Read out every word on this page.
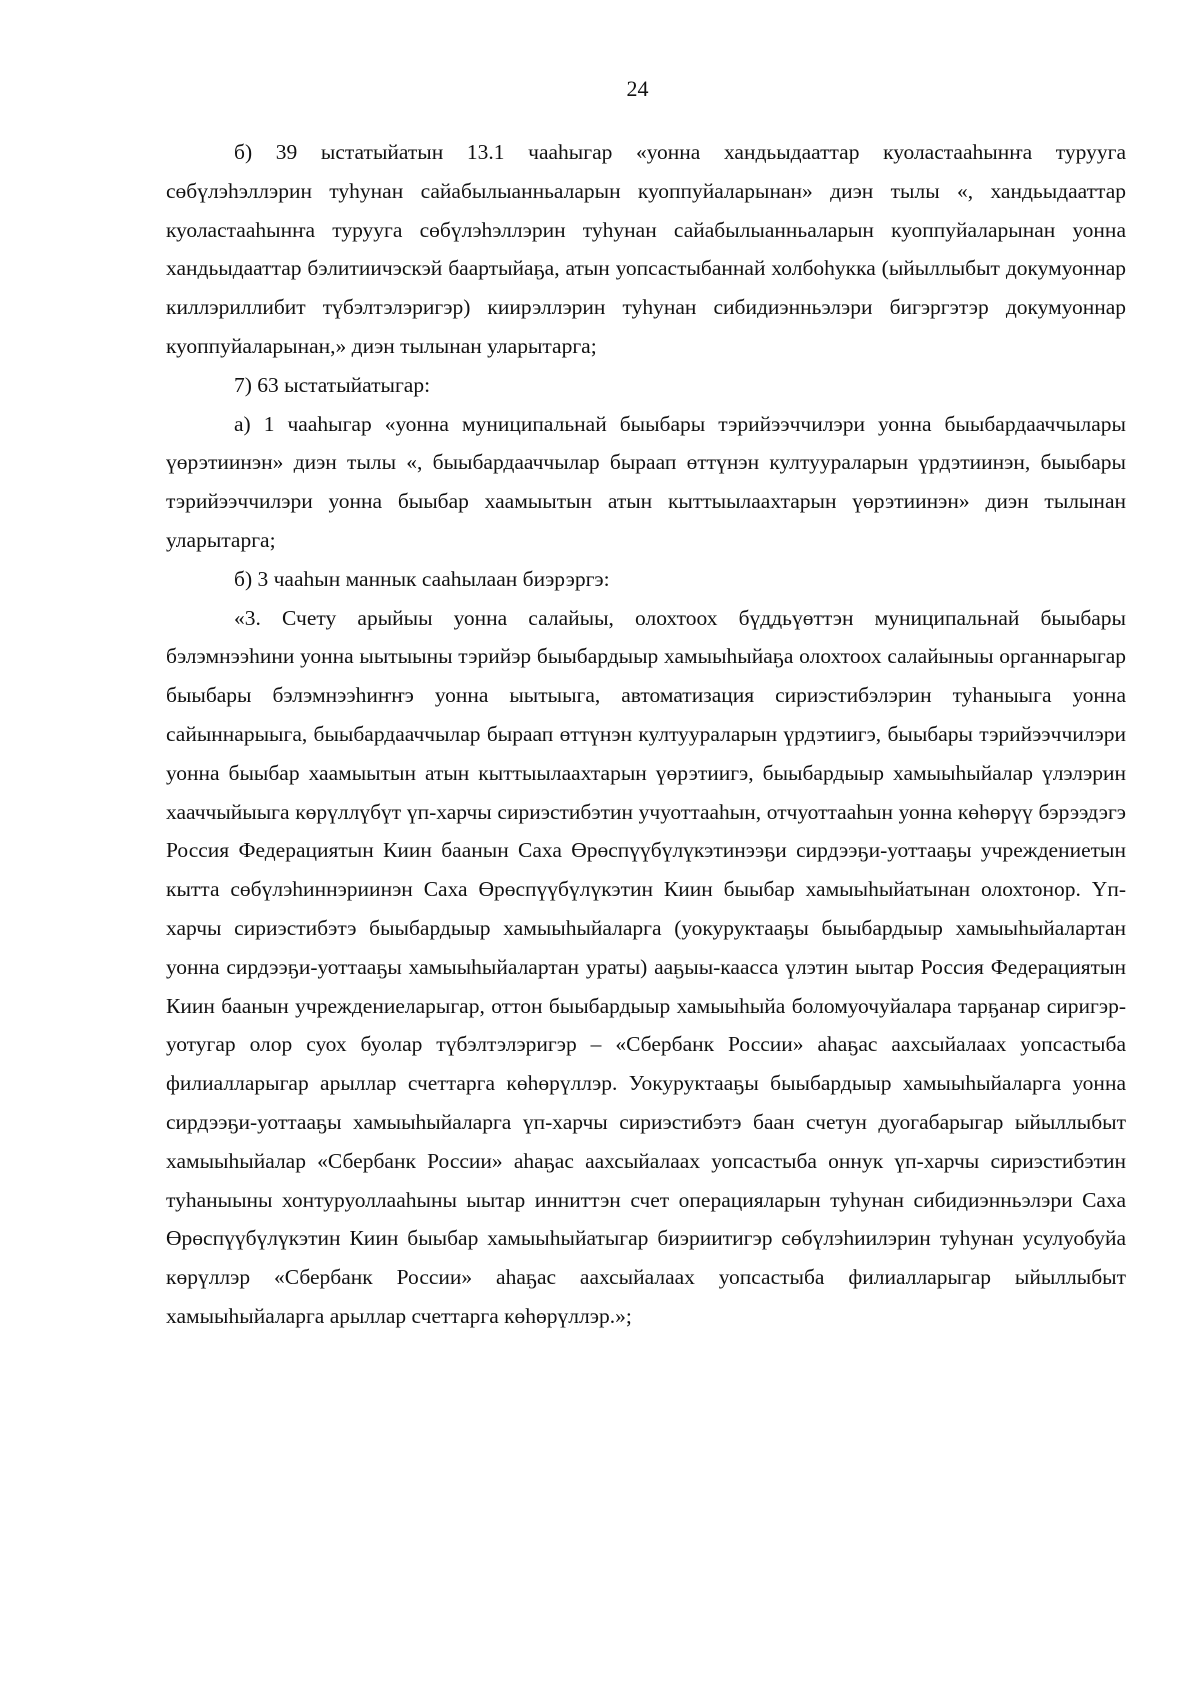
24

б) 39 ыстатыйатын 13.1 чааһыгар «уонна хандьыдааттар куоластааһынҥа турууга сөбүлэһэллэрин туһунан сайабылыанньаларын куоппуйаларынан» диэн тылы «, хандьыдааттар куоластааһынҥа турууга сөбүлэһэллэрин туһунан сайабылыанньаларын куоппуйаларынан уонна хандьыдааттар бэлитиичэскэй баартыйаҕа, атын уопсастыбаннай холбоһукка (ыйыллыбыт докумуоннар киллэриллибит түбэлтэлэригэр) киирэллэрин туһунан сибидиэнньэлэри бигэргэтэр докумуоннар куоппуйаларынан,» диэн тылынан уларытарга;

7) 63 ыстатыйатыгар:

а) 1 чааһыгар «уонна муниципальнай быыбары тэрийээччилэри уонна быыбардааччылары үөрэтиинэн» диэн тылы «, быыбардааччылар быраап өттүнэн култуураларын үрдэтиинэн, быыбары тэрийээччилэри уонна быыбар хаамыытын атын кыттыылаахтарын үөрэтиинэн» диэн тылынан уларытарга;

б) 3 чааһын маннык сааһылаан биэрэргэ:

«3. Счету арыйыы уонна салайыы, олохтоох бүддьүөттэн муниципальнай быыбары бэлэмнээһини уонна ыытыыны тэрийэр быыбардыыр хамыыһыйаҕа олохтоох салайыныы органнарыгар быыбары бэлэмнээһиҥҥэ уонна ыытыыга, автоматизация сириэстибэлэрин туһаныыга уонна сайыннарыыга, быыбардааччылар быраап өттүнэн култуураларын үрдэтиигэ, быыбары тэрийээччилэри уонна быыбар хаамыытын атын кыттыылаахтарын үөрэтиигэ, быыбардыыр хамыыһыйалар үлэлэрин хааччыйыыга көрүллүбүт үп-харчы сириэстибэтин учуоттааһын, отчуоттааһын уонна көһөрүү бэрээдэгэ Россия Федерациятын Киин баанын Саха Өрөспүүбүлүкэтинээҕи сирдээҕи-уоттааҕы учреждениетын кытта сөбүлэһиннэриинэн Саха Өрөспүүбүлүкэтин Киин быыбар хамыыһыйатынан олохтонор. Үп-харчы сириэстибэтэ быыбардыыр хамыыһыйаларга (уокуруктааҕы быыбардыыр хамыыһыйалартан уонна сирдээҕи-уоттааҕы хамыыһыйалартан ураты) ааҕыы-каасса үлэтин ыытар Россия Федерациятын Киин баанын учреждениеларыгар, оттон быыбардыыр хамыыһыйа боломуочуйалара тарҕанар сиригэр-уотугар олор суох буолар түбэлтэлэригэр – «Сбербанк России» аһаҕас аахсыйалаах уопсастыба филиалларыгар арыллар счеттарга көһөрүллэр. Уокуруктааҕы быыбардыыр хамыыһыйаларга уонна сирдээҕи-уоттааҕы хамыыһыйаларга үп-харчы сириэстибэтэ баан счетун дуогабарыгар ыйыллыбыт хамыыһыйалар «Сбербанк России» аһаҕас аахсыйалаах уопсастыба оннук үп-харчы сириэстибэтин туһаныыны хонтуруоллааһыны ыытар инниттэн счет операцияларын туһунан сибидиэнньэлэри Саха Өрөспүүбүлүкэтин Киин быыбар хамыыһыйатыгар биэриитигэр сөбүлэһиилэрин туһунан усулуобуйа көрүллэр «Сбербанк России» аһаҕас аахсыйалаах уопсастыба филиалларыгар ыйыллыбыт хамыыһыйаларга арыллар счеттарга көһөрүллэр.»;
